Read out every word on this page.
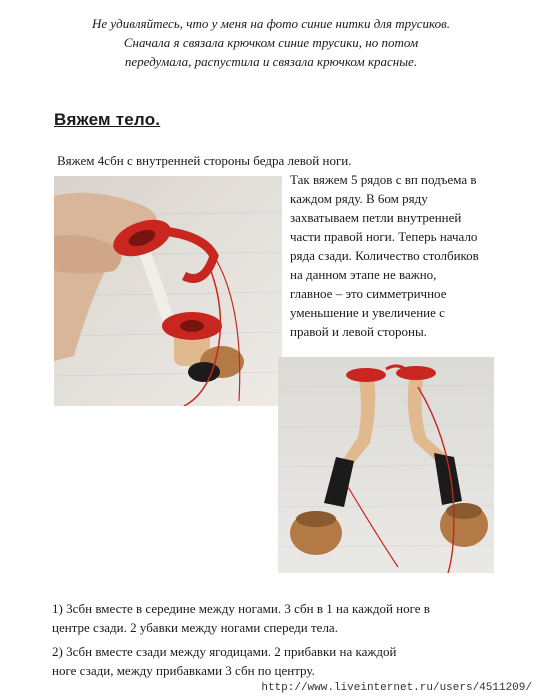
Не удивляйтесь, что у меня на фото синие нитки для трусиков.
Сначала я связала крючком синие трусики, но потом
передумала, распустила и связала крючком красные.
Вяжем тело.
Вяжем 4сбн с внутренней стороны бедра левой ноги.
Так вяжем 5 рядов с вп подъема в
каждом ряду. В 6ом ряду
захватываем петли внутренней
части правой ноги. Теперь начало
ряда сзади. Количество столбиков
на данном этапе не важно,
главное – это симметричное
уменьшение и увеличение с
правой и левой стороны.
1) 3сбн вместе в середине между ногами. 3 сбн в 1 на каждой ноге в
центре сзади. 2 убавки между ногами спереди тела.
2) 3сбн вместе сзади между ягодицами. 2 прибавки на каждой
ноге сзади, между прибавками 3 сбн по центру.
http://www.liveinternet.ru/users/4511209/
